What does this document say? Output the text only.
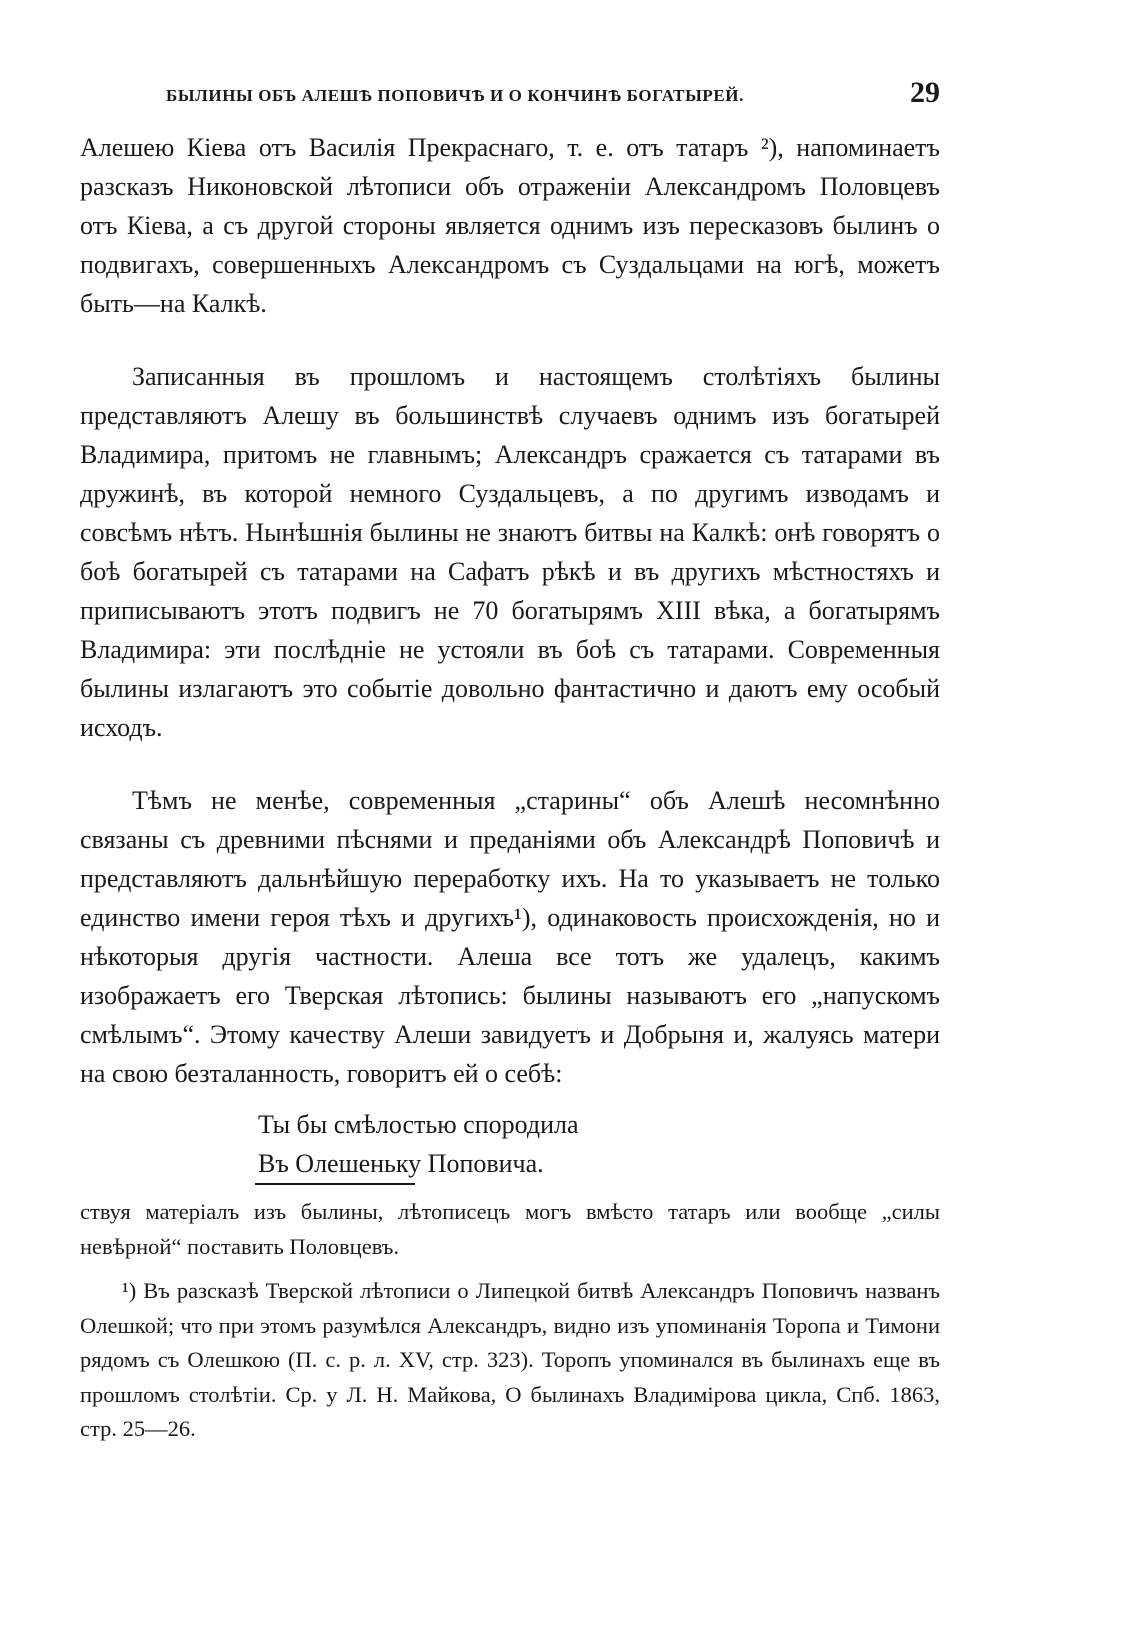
БЫЛИНЫ ОБЪ АЛЕШѢ ПОПОВИЧѢ И О КОНЧИНѢ БОГАТЫРЕЙ.	29

Алешею Кіева отъ Василія Прекраснаго, т. е. отъ татаръ ²), напоминаетъ разсказъ Никоновской лѣтописи объ отраженіи Александромъ Половцевъ отъ Кіева, а съ другой стороны является однимъ изъ пересказовъ былинъ о подвигахъ, совершенныхъ Александромъ съ Суздальцами на югѣ, можетъ быть—на Калкѣ.

Записанныя въ прошломъ и настоящемъ столѣтіяхъ былины представляютъ Алешу въ большинствѣ случаевъ однимъ изъ богатырей Владимира, притомъ не главнымъ; Александръ сражается съ татарами въ дружинѣ, въ которой немного Суздальцевъ, а по другимъ изводамъ и совсѣмъ нѣтъ. Нынѣшнія былины не знаютъ битвы на Калкѣ: онѣ говорятъ о боѣ богатырей съ татарами на Сафатъ рѣкѣ и въ другихъ мѣстностяхъ и приписываютъ этотъ подвигъ не 70 богатырямъ XIII вѣка, а богатырямъ Владимира: эти послѣдніе не устояли въ боѣ съ татарами. Современныя былины излагаютъ это событіе довольно фантастично и даютъ ему особый исходъ.

Тѣмъ не менѣе, современныя „старины“ объ Алешѣ несомнѣнно связаны съ древними пѣснями и преданіями объ Александрѣ Поповичѣ и представляютъ дальнѣйшую переработку ихъ. На то указываетъ не только единство имени героя тѣхъ и другихъ¹), одинаковость происхожденія, но и нѣкоторыя другія частности. Алеша все тотъ же удалецъ, какимъ изображаетъ его Тверская лѣтопись: былины называютъ его „напускомъ смѣлымъ“. Этому качеству Алеши завидуетъ и Добрыня и, жалуясь матери на свою безталанность, говоритъ ей о себѣ:

Ты бы смѣлостью спородила
Въ Олешеньку Поповича.

ствуя матеріалъ изъ былины, лѣтописецъ могъ вмѣсто татаръ или вообще „силы невѣрной“ поставить Половцевъ.

¹) Въ разсказѣ Тверской лѣтописи о Липецкой битвѣ Александръ Поповичъ названъ Олешкой; что при этомъ разумѣлся Александръ, видно изъ упоминанія Торопа и Тимони рядомъ съ Олешкою (П. с. р. л. XV, стр. 323). Торопъ упоминался въ былинахъ еще въ прошломъ столѣтіи. Ср. у Л. Н. Майкова, О былинахъ Владимірова цикла, Спб. 1863, стр. 25—26.
